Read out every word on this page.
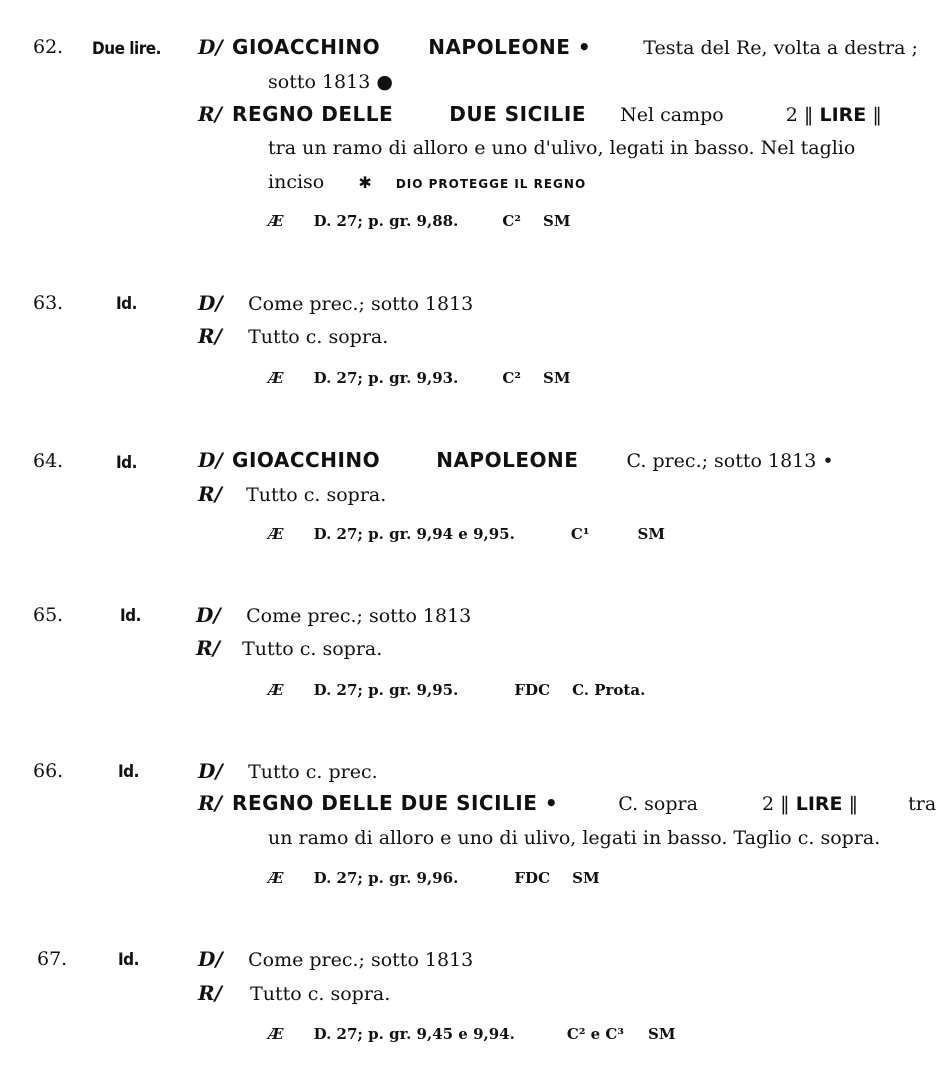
62. Due lire. D/ GIOACCHINO NAPOLEONE •	Testa del Re, volta a destra ;
sotto 1813 ●
R/ REGNO DELLE	DUE SICILIE Nel campo	2 ‖ LIRE ‖
tra un ramo di alloro e uno d'ulivo, legati in basso. Nel taglio
inciso ✱ DIO PROTEGGE IL REGNO
Æ D. 27; p. gr. 9,88.	C² SM
63.	Id.	D/ Come prec.; sotto 1813
R/ Tutto c. sopra.
Æ D. 27; p. gr. 9,93.	C² SM
64.	Id.	D/ GIOACCHINO	NAPOLEONE	C. prec.; sotto 1813 •
R/ Tutto c. sopra.
Æ D. 27; p. gr. 9,94 e 9,95.	C¹	SM
65.	Id.	D/ Come prec.; sotto 1813
R/ Tutto c. sopra.
Æ D. 27; p. gr. 9,95.	FDC C. Prota.
66.	Id.	D/ Tutto c. prec.
R/ REGNO DELLE DUE SICILIE •	C. sopra	2 ‖ LIRE ‖	tra
un ramo di alloro e uno di ulivo, legati in basso. Taglio c. sopra.
Æ D. 27; p. gr. 9,96.	FDC SM
67.	Id.	D/ Come prec.; sotto 1813
R/ Tutto c. sopra.
Æ D. 27; p. gr. 9,45 e 9,94.	C² e C³ SM
